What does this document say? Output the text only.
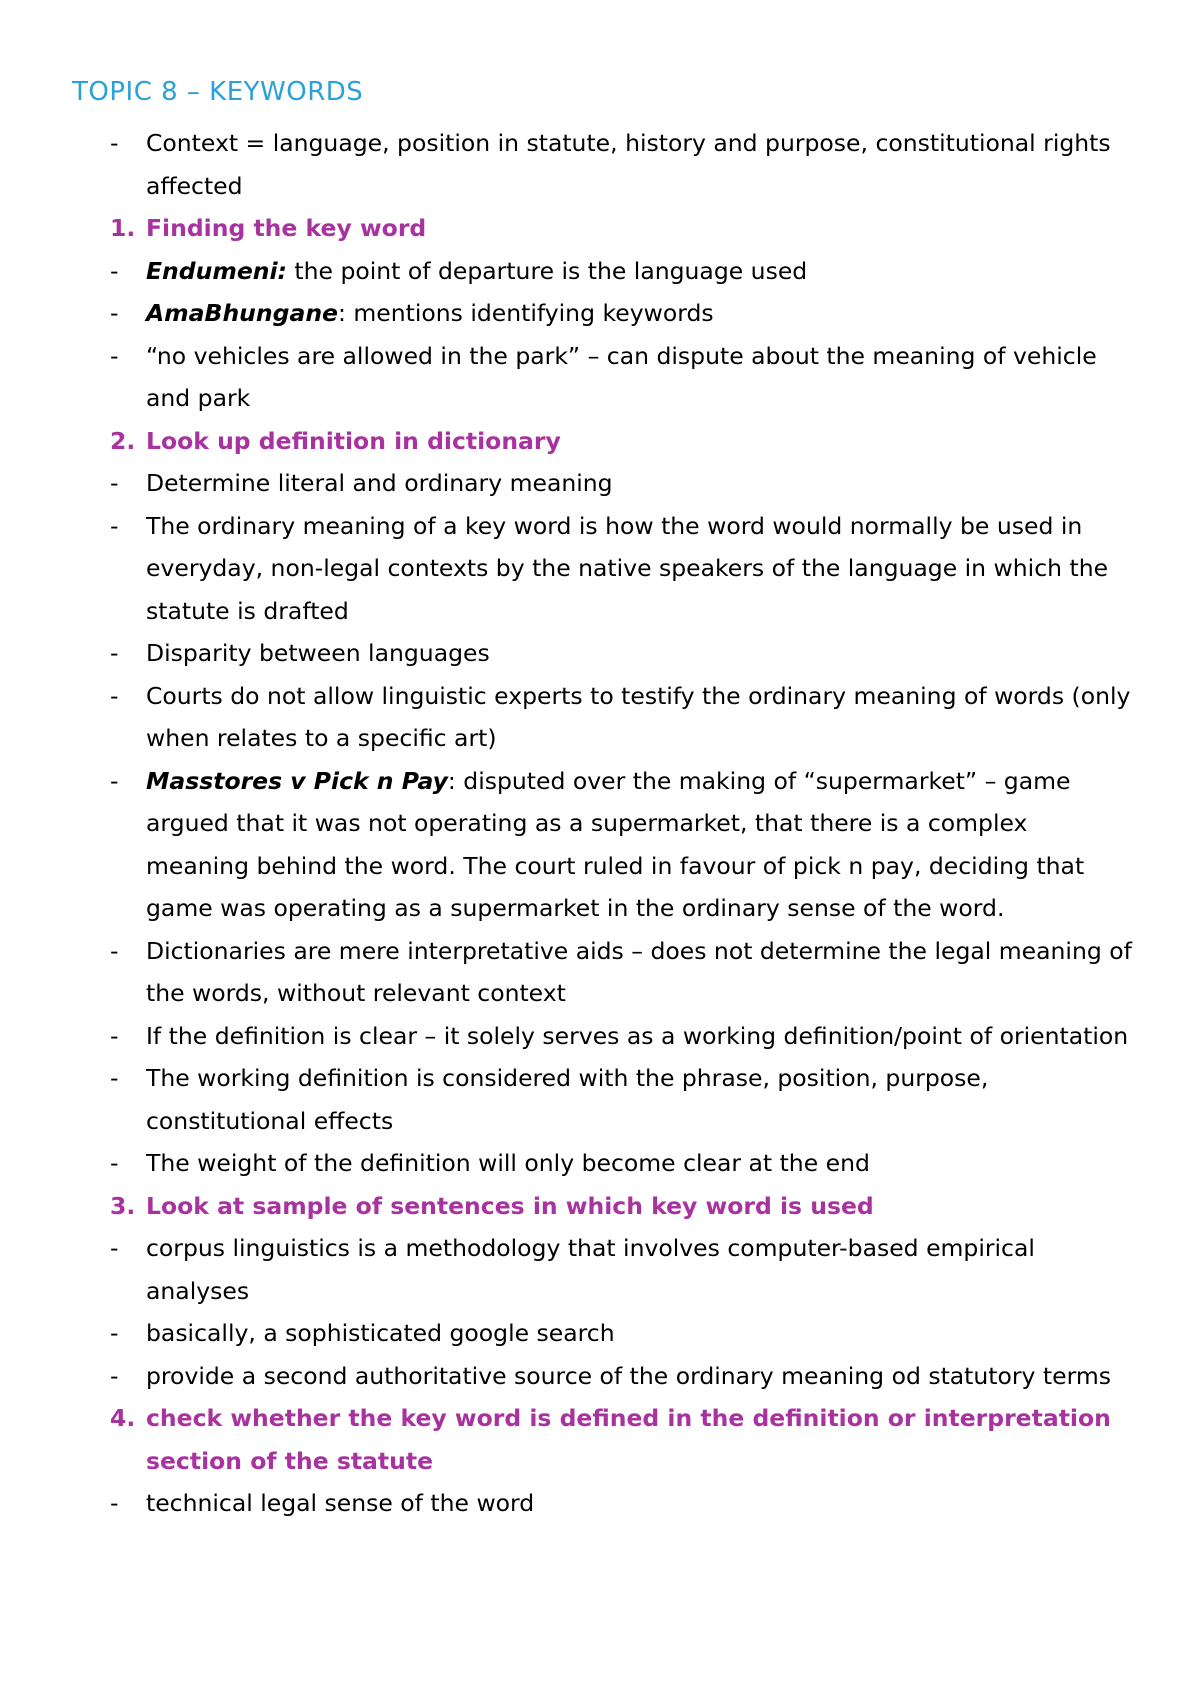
TOPIC 8 – KEYWORDS
- Context = language, position in statute, history and purpose, constitutional rights affected
1. Finding the key word
- Endumeni: the point of departure is the language used
- AmaBhungane: mentions identifying keywords
- “no vehicles are allowed in the park” – can dispute about the meaning of vehicle and park
2. Look up definition in dictionary
- Determine literal and ordinary meaning
- The ordinary meaning of a key word is how the word would normally be used in everyday, non-legal contexts by the native speakers of the language in which the statute is drafted
- Disparity between languages
- Courts do not allow linguistic experts to testify the ordinary meaning of words (only when relates to a specific art)
- Masstores v Pick n Pay: disputed over the making of “supermarket” – game argued that it was not operating as a supermarket, that there is a complex meaning behind the word. The court ruled in favour of pick n pay, deciding that game was operating as a supermarket in the ordinary sense of the word.
- Dictionaries are mere interpretative aids – does not determine the legal meaning of the words, without relevant context
- If the definition is clear – it solely serves as a working definition/point of orientation
- The working definition is considered with the phrase, position, purpose, constitutional effects
- The weight of the definition will only become clear at the end
3. Look at sample of sentences in which key word is used
- corpus linguistics is a methodology that involves computer-based empirical analyses
- basically, a sophisticated google search
- provide a second authoritative source of the ordinary meaning od statutory terms
4. check whether the key word is defined in the definition or interpretation section of the statute
- technical legal sense of the word
